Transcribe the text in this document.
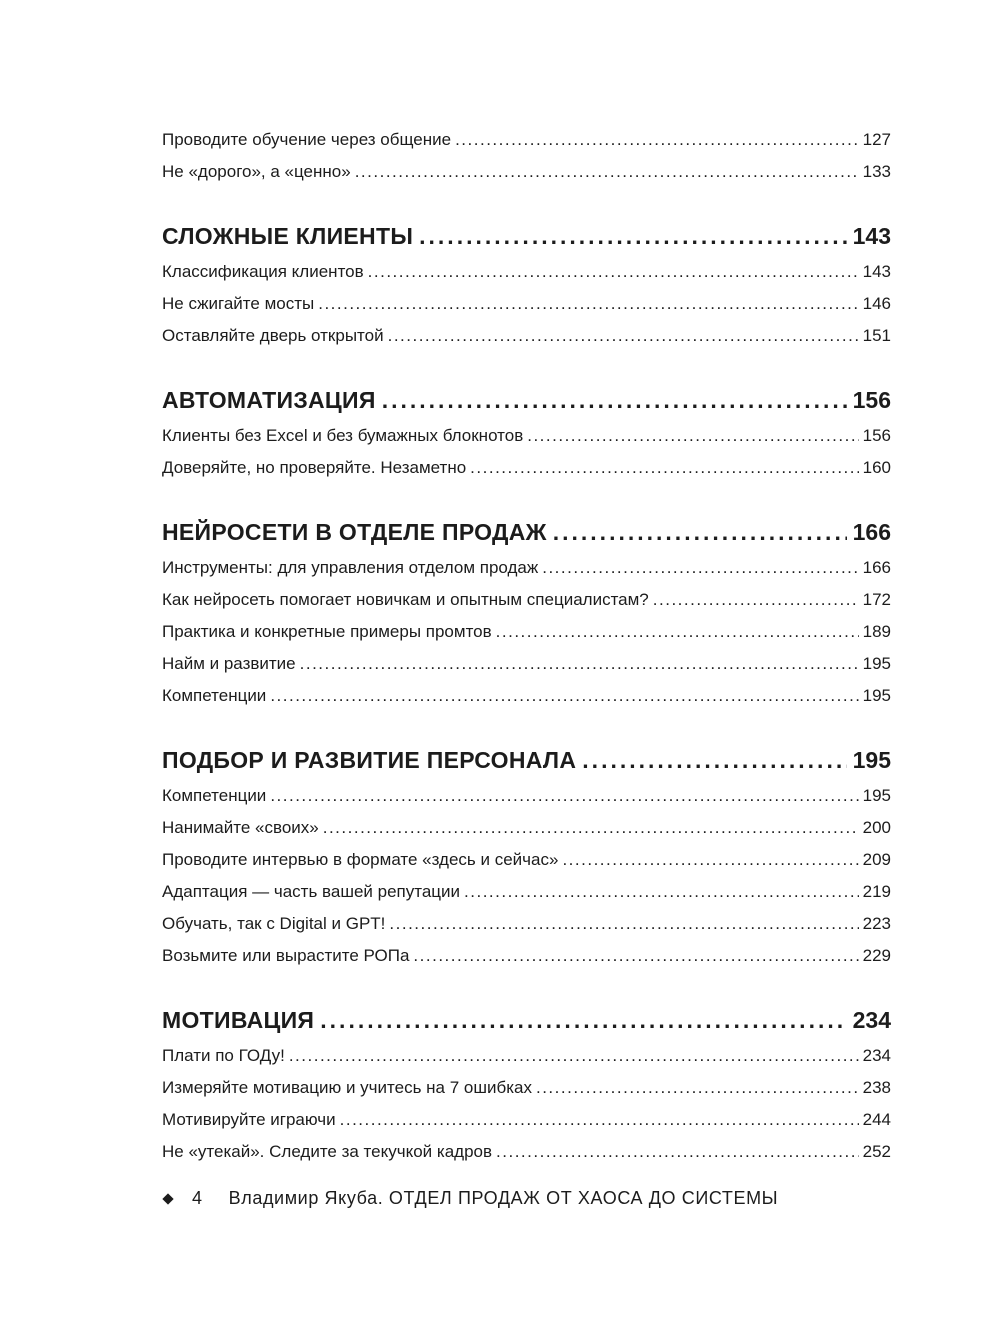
Проводите обучение через общение .....	127
Не «дорого», а «ценно» .....	133
СЛОЖНЫЕ КЛИЕНТЫ .....	143
Классификация клиентов .....	143
Не сжигайте мосты .....	146
Оставляйте дверь открытой .....	151
АВТОМАТИЗАЦИЯ .....	156
Клиенты без Excel и без бумажных блокнотов .....	156
Доверяйте, но проверяйте. Незаметно .....	160
НЕЙРОСЕТИ В ОТДЕЛЕ ПРОДАЖ .....	166
Инструменты: для управления отделом продаж .....	166
Как нейросеть помогает новичкам и опытным специалистам? .....	172
Практика и конкретные примеры промтов .....	189
Найм и развитие .....	195
Компетенции .....	195
ПОДБОР И РАЗВИТИЕ ПЕРСОНАЛА .....	195
Компетенции .....	195
Нанимайте «своих» .....	200
Проводите интервью в формате «здесь и сейчас» .....	209
Адаптация — часть вашей репутации .....	219
Обучать, так с Digital и GPT! .....	223
Возьмите или вырастите РОПа .....	229
МОТИВАЦИЯ .....	234
Плати по ГОДу! .....	234
Измеряйте мотивацию и учитесь на 7 ошибках .....	238
Мотивируйте играючи .....	244
Не «утекай». Следите за текучкой кадров .....	252
4 Владимир Якуба. ОТДЕЛ ПРОДАЖ ОТ ХАОСА ДО СИСТЕМЫ
